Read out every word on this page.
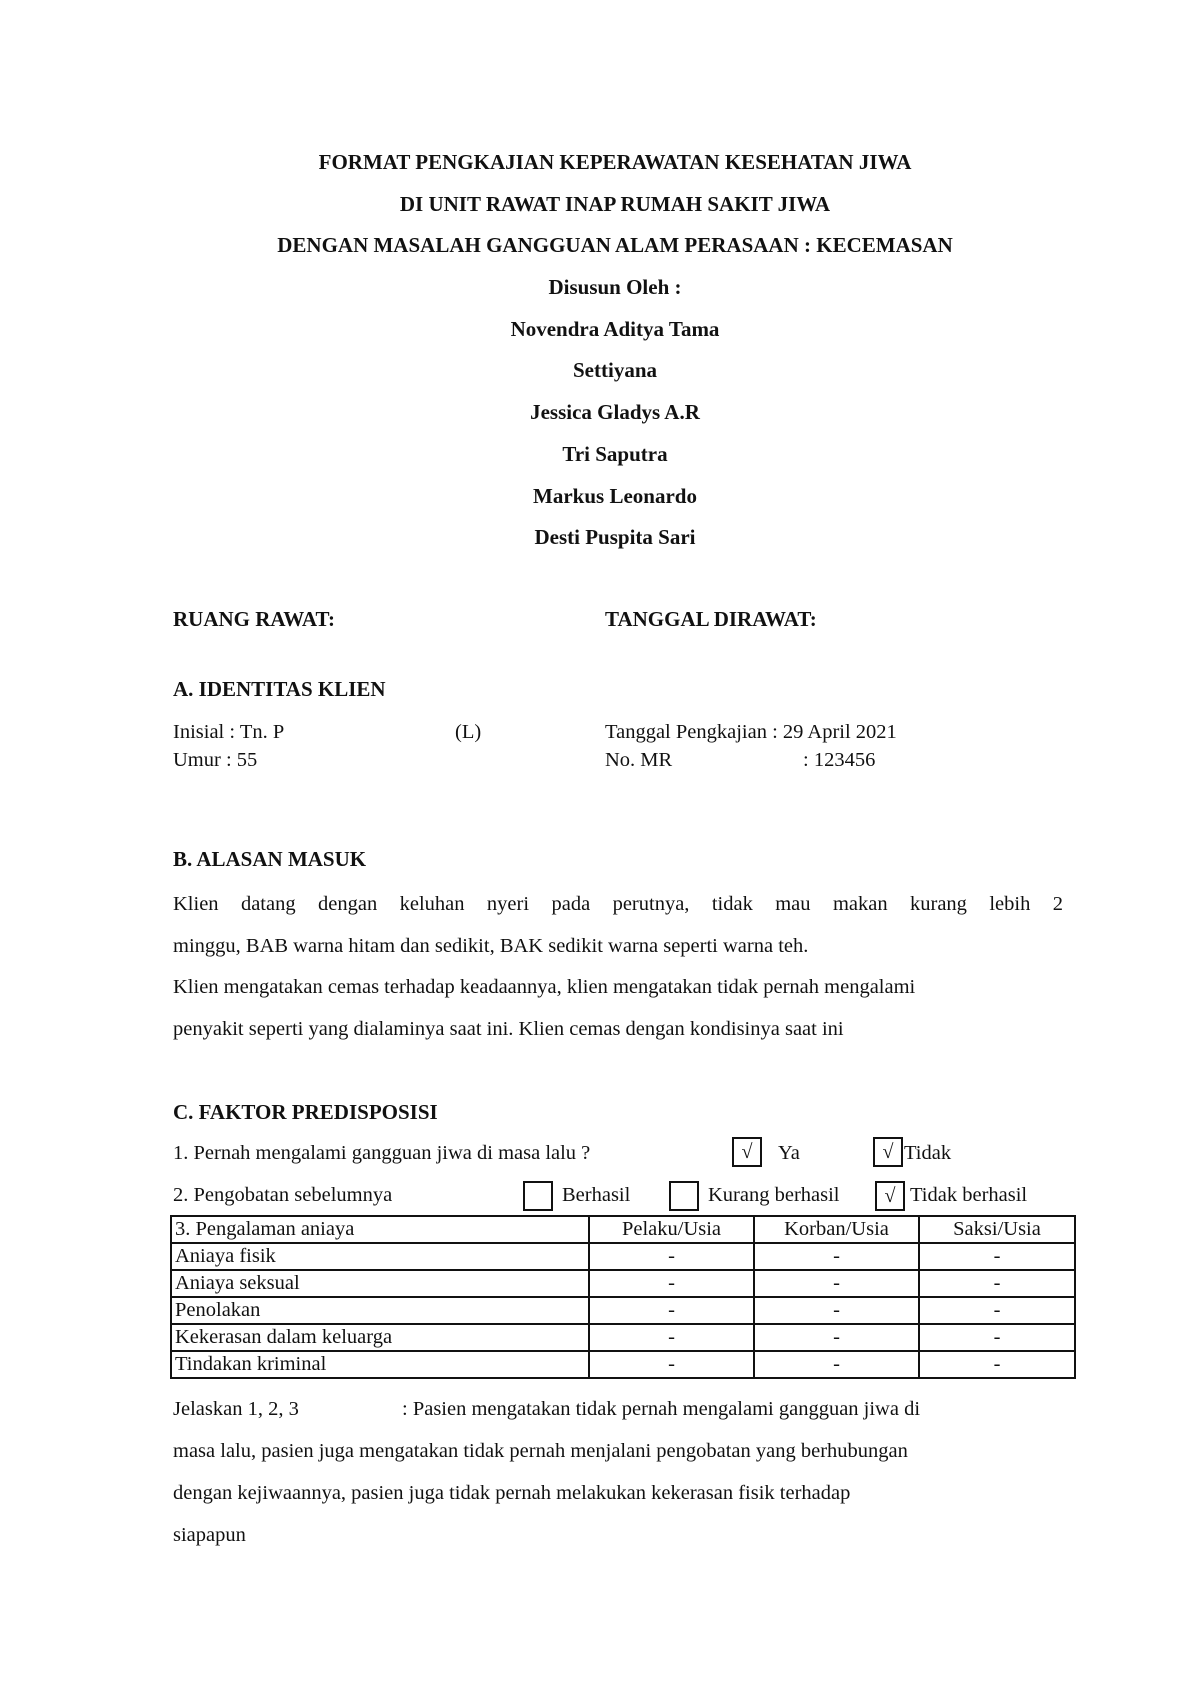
FORMAT PENGKAJIAN KEPERAWATAN KESEHATAN JIWA
DI UNIT RAWAT INAP RUMAH SAKIT JIWA
DENGAN MASALAH GANGGUAN ALAM PERASAAN : KECEMASAN
Disusun Oleh :
Novendra Aditya Tama
Settiyana
Jessica Gladys A.R
Tri Saputra
Markus Leonardo
Desti Puspita Sari
RUANG RAWAT:	TANGGAL DIRAWAT:
A. IDENTITAS KLIEN
Inisial : Tn. P	(L)	Tanggal Pengkajian : 29 April 2021
Umur : 55	No. MR	: 123456
B. ALASAN MASUK
Klien datang dengan keluhan nyeri pada perutnya, tidak mau makan kurang lebih 2
minggu, BAB warna hitam dan sedikit, BAK sedikit warna seperti warna teh.
Klien mengatakan cemas terhadap keadaannya, klien mengatakan tidak pernah mengalami
penyakit seperti yang dialaminya saat ini. Klien cemas dengan kondisinya saat ini
C. FAKTOR PREDISPOSISI
1. Pernah mengalami gangguan jiwa di masa lalu ?	√	Ya	√ Tidak
2. Pengobatan sebelumnya	Berhasil	Kurang berhasil	√ Tidak berhasil
3. Pengalaman aniaya	Pelaku/Usia	Korban/Usia	Saksi/Usia
Aniaya fisik	-	-	-
Aniaya seksual	-	-	-
Penolakan	-	-	-
Kekerasan dalam keluarga	-	-	-
Tindakan kriminal	-	-	-
Jelaskan 1, 2, 3	: Pasien mengatakan tidak pernah mengalami gangguan jiwa di
masa lalu, pasien juga mengatakan tidak pernah menjalani pengobatan yang berhubungan
dengan kejiwaannya, pasien juga tidak pernah melakukan kekerasan fisik terhadap
siapapun
